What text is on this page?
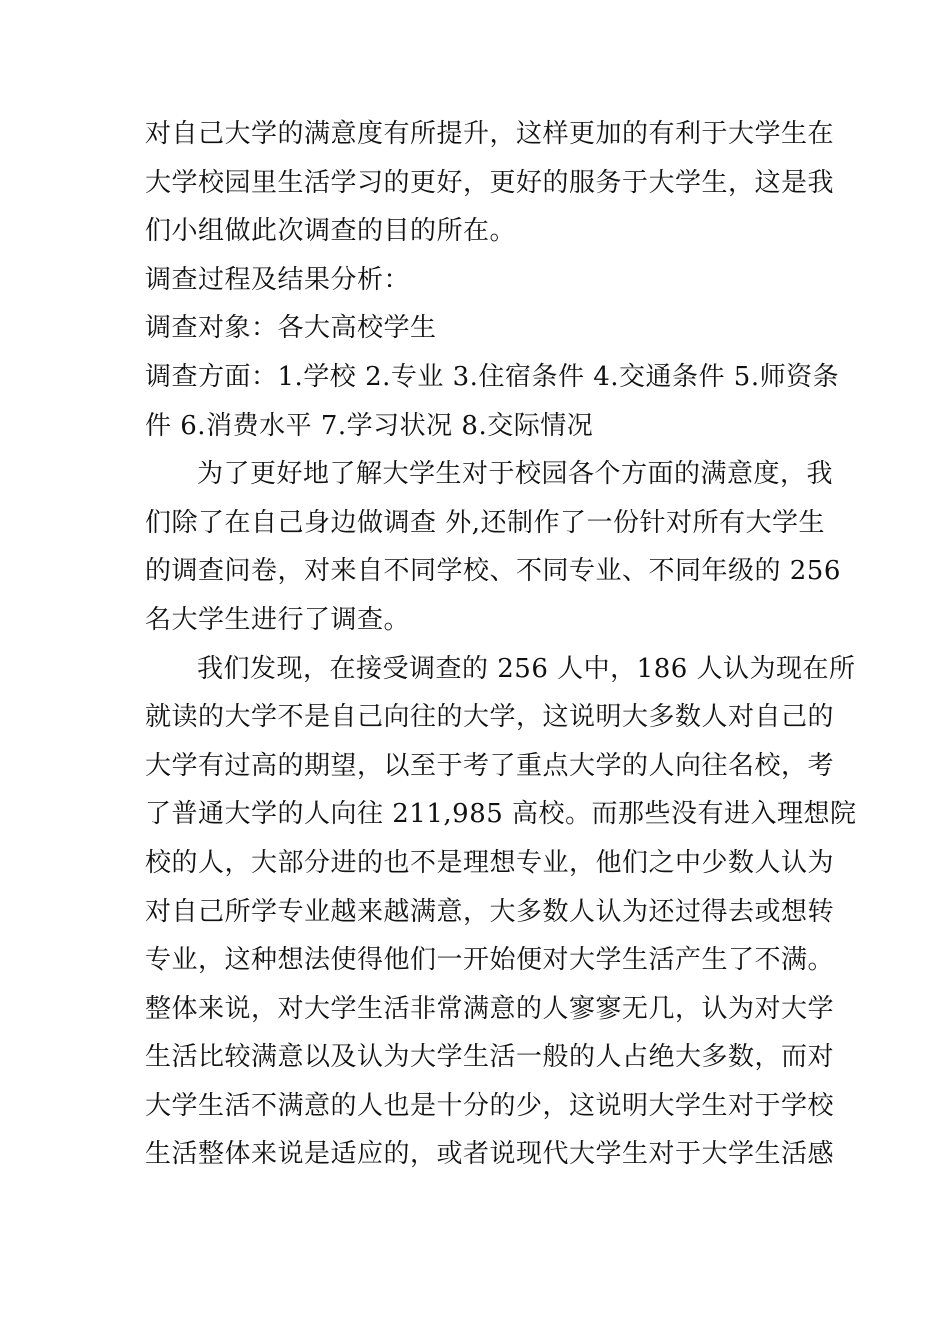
对自己大学的满意度有所提升，这样更加的有利于大学生在
大学校园里生活学习的更好，更好的服务于大学生，这是我
们小组做此次调查的目的所在。
调查过程及结果分析：
调查对象：各大高校学生
调查方面：1.学校 2.专业 3.住宿条件 4.交通条件 5.师资条
件 6.消费水平 7.学习状况 8.交际情况
为了更好地了解大学生对于校园各个方面的满意度，我
们除了在自己身边做调查 外,还制作了一份针对所有大学生
的调查问卷，对来自不同学校、不同专业、不同年级的 256
名大学生进行了调查。
我们发现，在接受调查的 256 人中，186 人认为现在所
就读的大学不是自己向往的大学，这说明大多数人对自己的
大学有过高的期望，以至于考了重点大学的人向往名校，考
了普通大学的人向往 211,985 高校。而那些没有进入理想院
校的人，大部分进的也不是理想专业，他们之中少数人认为
对自己所学专业越来越满意，大多数人认为还过得去或想转
专业，这种想法使得他们一开始便对大学生活产生了不满。
整体来说，对大学生活非常满意的人寥寥无几，认为对大学
生活比较满意以及认为大学生活一般的人占绝大多数，而对
大学生活不满意的人也是十分的少，这说明大学生对于学校
生活整体来说是适应的，或者说现代大学生对于大学生活感
